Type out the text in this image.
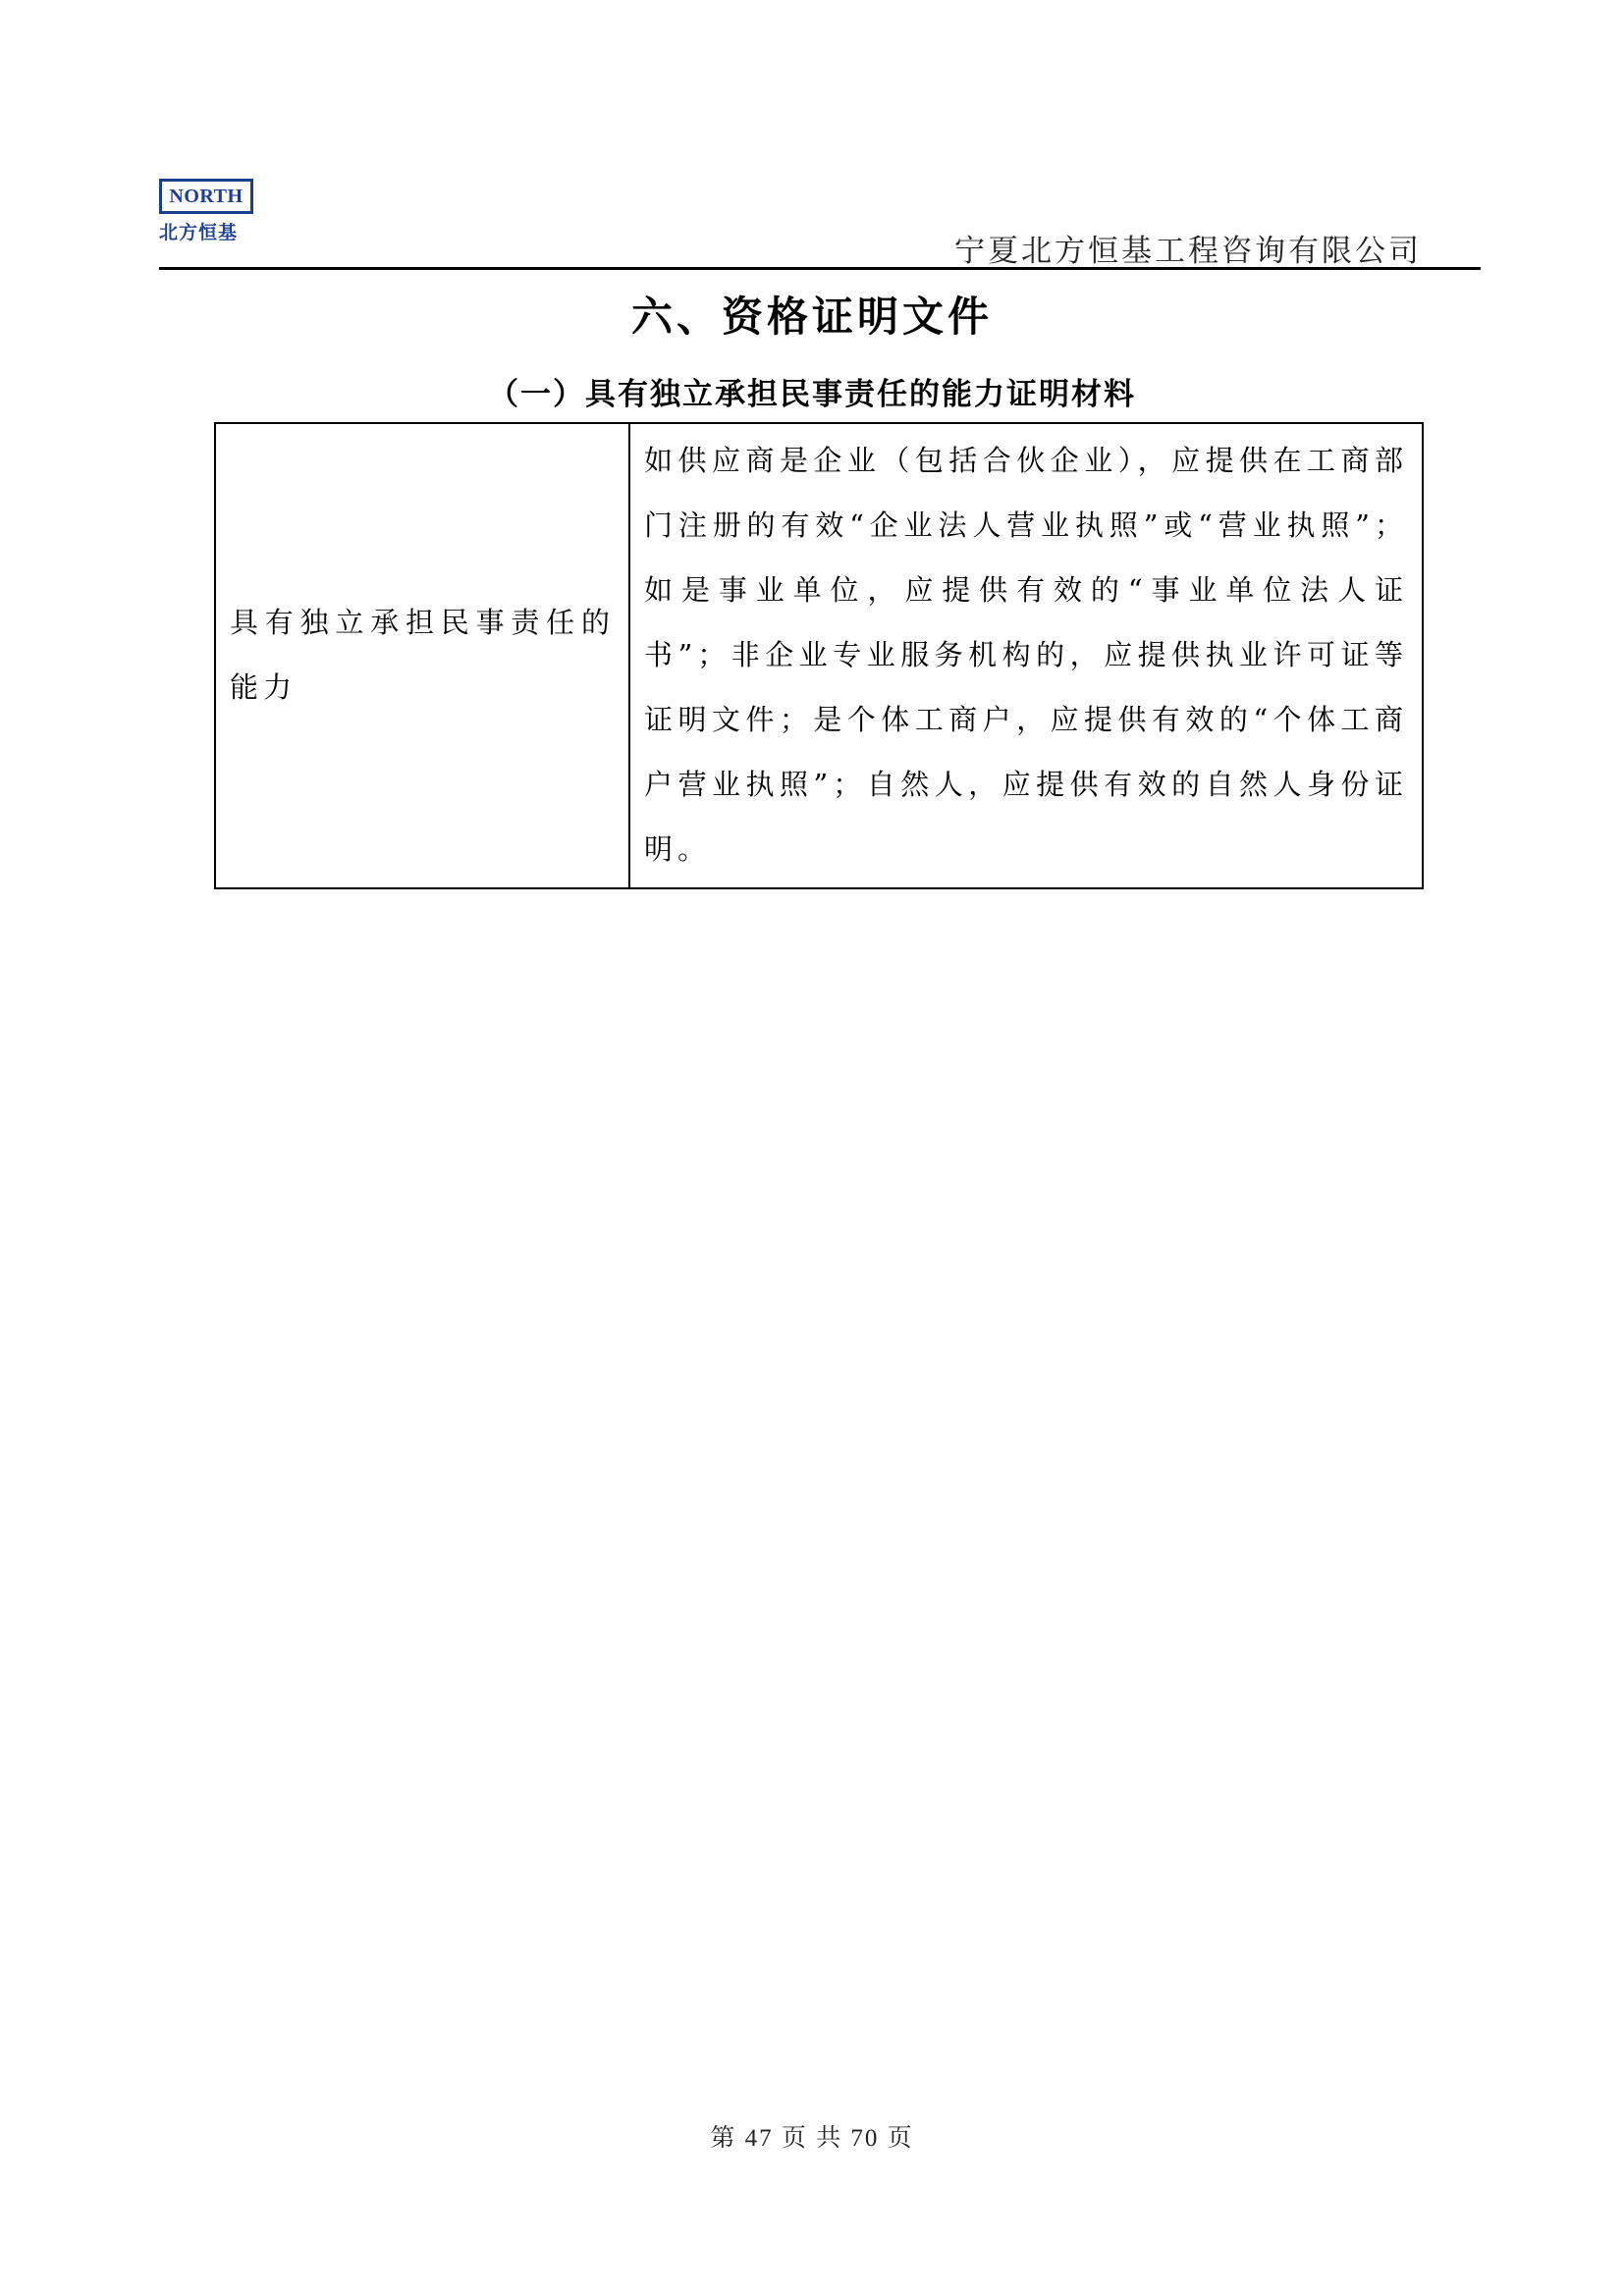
NORTH
北方恒基
宁夏北方恒基工程咨询有限公司
六、资格证明文件
（一）具有独立承担民事责任的能力证明材料
具有独立承担民事责任的能力	如供应商是企业（包括合伙企业），应提供在工商部门注册的有效“企业法人营业执照”或“营业执照”；如是事业单位，应提供有效的“事业单位法人证书”；非企业专业服务机构的，应提供执业许可证等证明文件；是个体工商户，应提供有效的“个体工商户营业执照”；自然人，应提供有效的自然人身份证明。
第 47 页 共 70 页
